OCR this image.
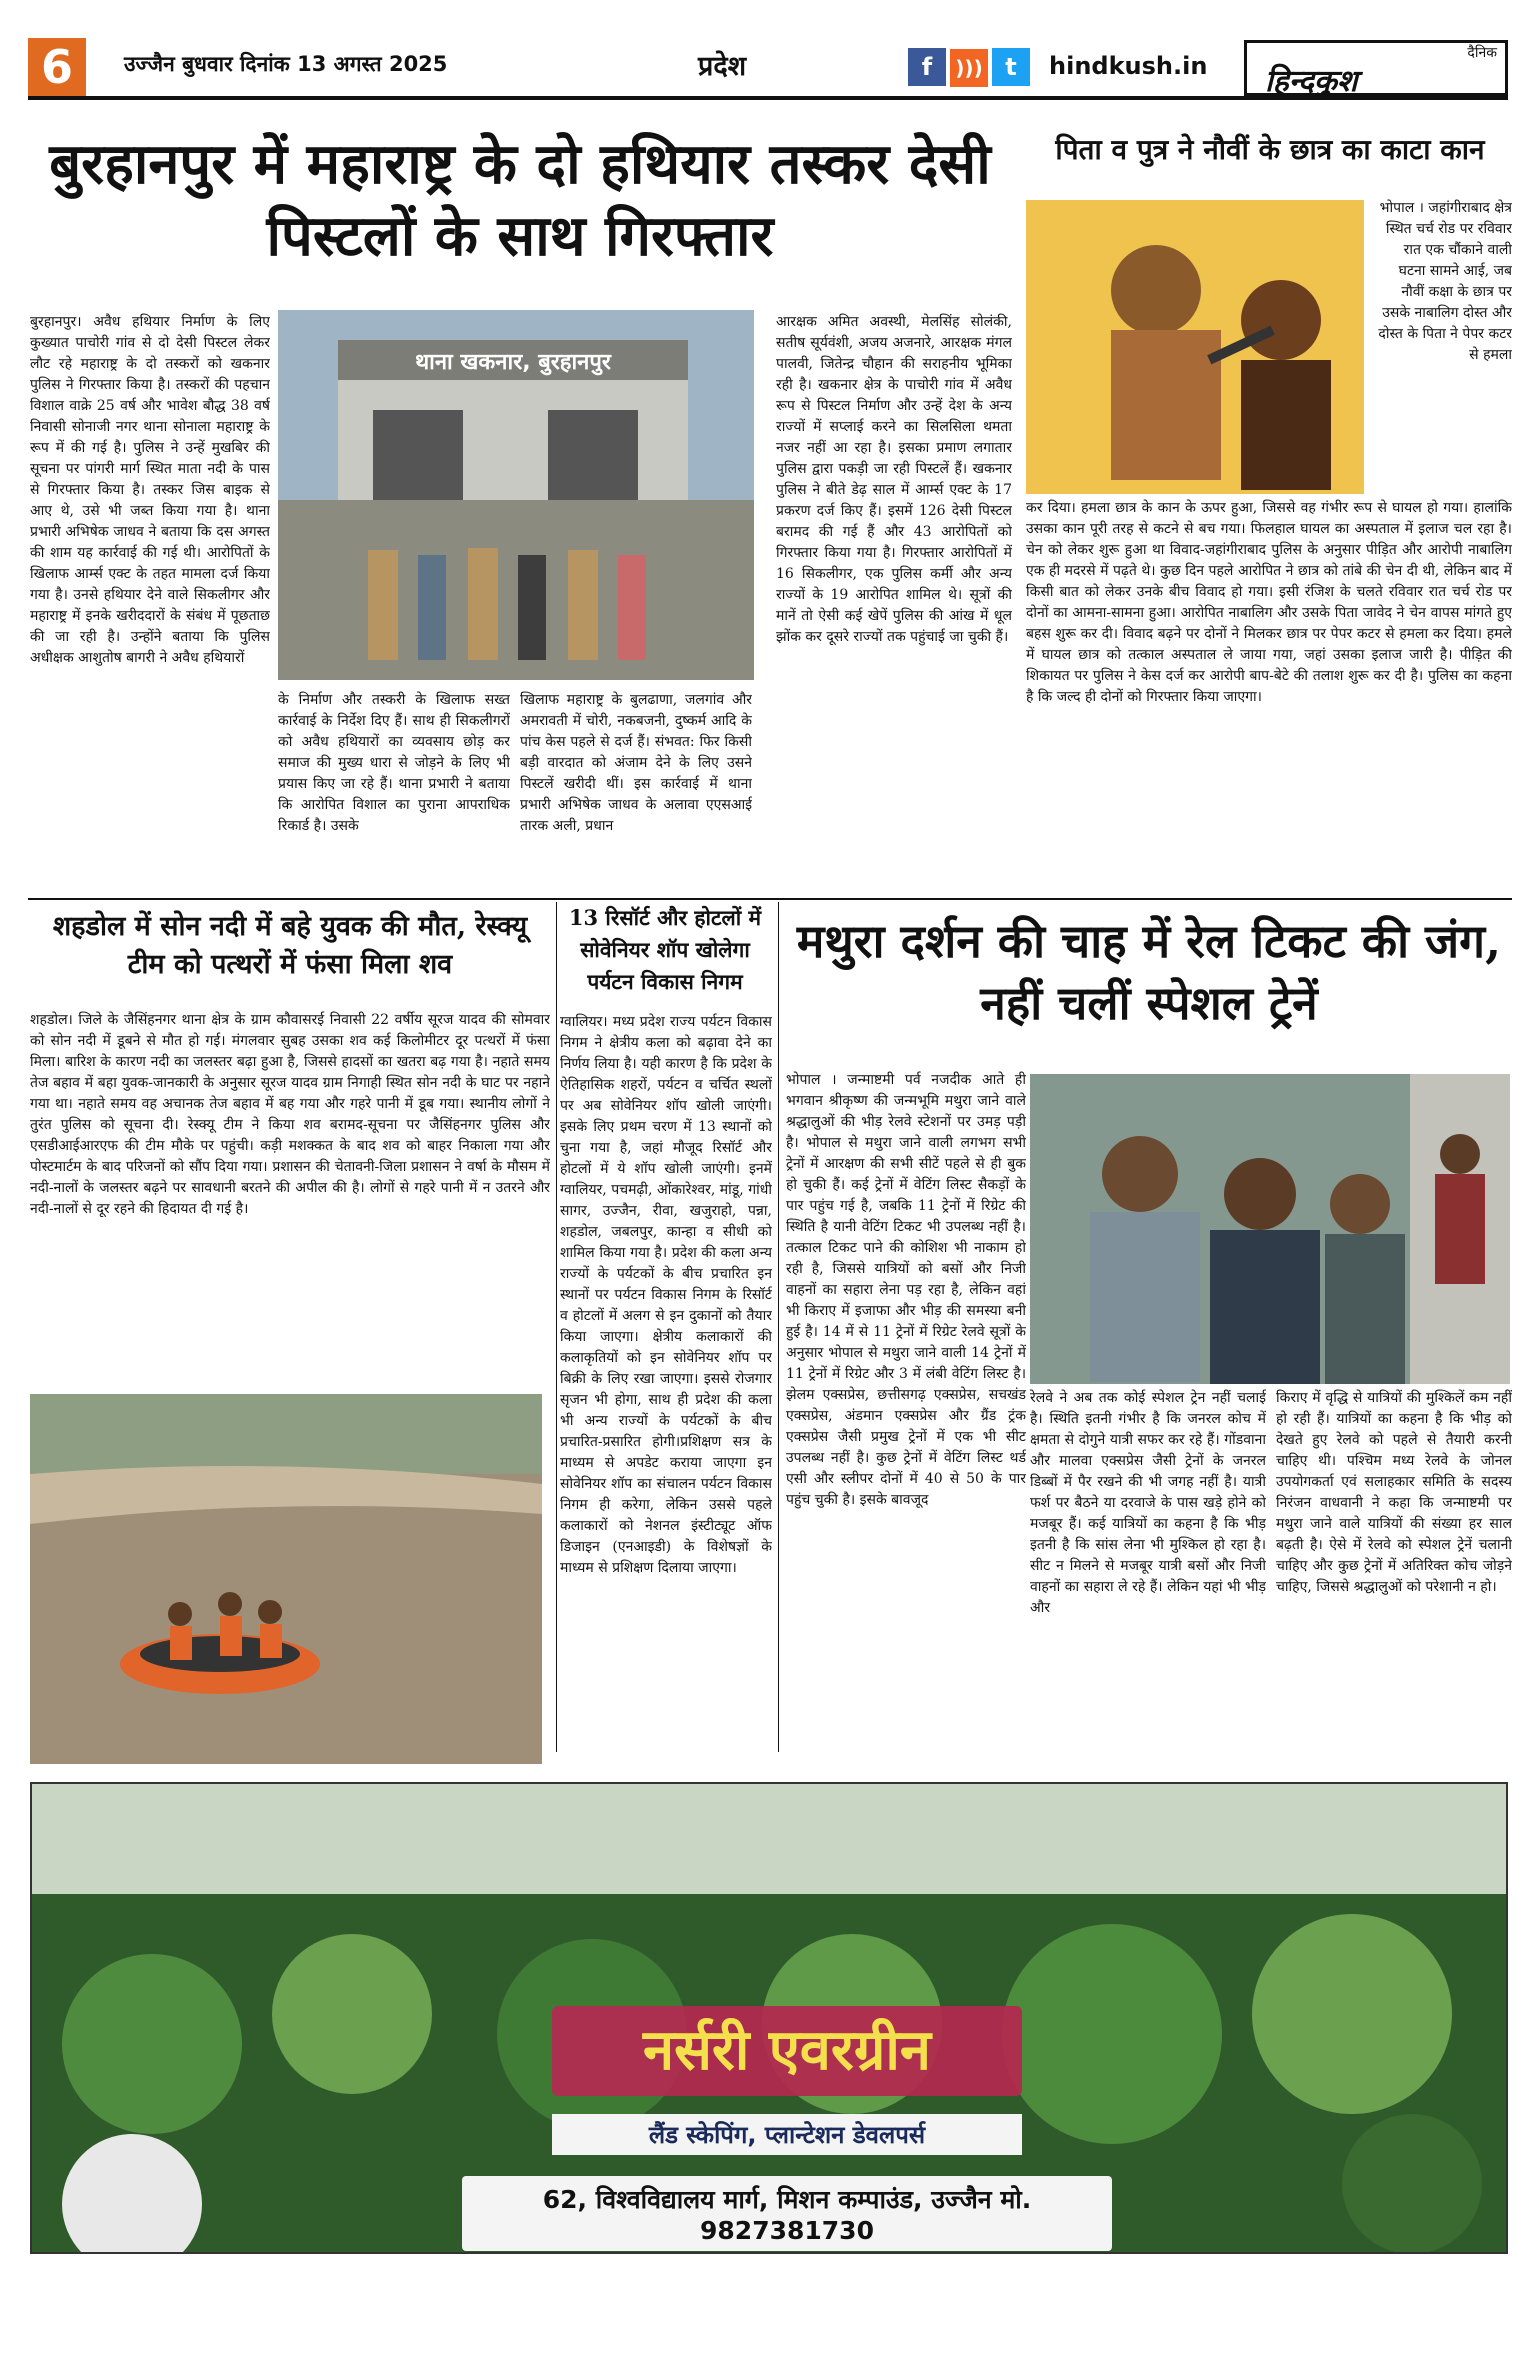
6	उज्जैन बुधवार दिनांक 13 अगस्त 2025	प्रदेश	f ))) t	hindkush.in	दैनिक
हिन्दकुश
बुरहानपुर में महाराष्ट्र के दो हथियार तस्कर देसी पिस्टलों के साथ गिरफ्तार

बुरहानपुर। अवैध हथियार निर्माण के लिए कुख्यात पाचोरी गांव से दो देसी पिस्टल लेकर लौट रहे महाराष्ट्र के दो तस्करों को खकनार पुलिस ने गिरफ्तार किया है। तस्करों की पहचान विशाल वाक्रे 25 वर्ष और भावेश बौद्ध 38 वर्ष निवासी सोनाजी नगर थाना सोनाला महाराष्ट्र के रूप में की गई है। पुलिस ने उन्हें मुखबिर की सूचना पर पांगरी मार्ग स्थित माता नदी के पास से गिरफ्तार किया है। तस्कर जिस बाइक से आए थे, उसे भी जब्त किया गया है। थाना प्रभारी अभिषेक जाधव ने बताया कि दस अगस्त की शाम यह कार्रवाई की गई थी। आरोपितों के खिलाफ आर्म्स एक्ट के तहत मामला दर्ज किया गया है। उनसे हथियार देने वाले सिकलीगर और महाराष्ट्र में इनके खरीददारों के संबंध में पूछताछ की जा रही है। उन्होंने बताया कि पुलिस अधीक्षक आशुतोष बागरी ने अवैध हथियारों

थाना खकनार, बुरहानपुर

के निर्माण और तस्करी के खिलाफ सख्त कार्रवाई के निर्देश दिए हैं। साथ ही सिकलीगरों को अवैध हथियारों का व्यवसाय छोड़ कर समाज की मुख्य धारा से जोड़ने के लिए भी प्रयास किए जा रहे हैं। थाना प्रभारी ने बताया कि आरोपित विशाल का पुराना आपराधिक रिकार्ड है। उसके

खिलाफ महाराष्ट्र के बुलढाणा, जलगांव और अमरावती में चोरी, नकबजनी, दुष्कर्म आदि के पांच केस पहले से दर्ज हैं। संभवत: फिर किसी बड़ी वारदात को अंजाम देने के लिए उसने पिस्टलें खरीदी थीं। इस कार्रवाई में थाना प्रभारी अभिषेक जाधव के अलावा एएसआई तारक अली, प्रधान

आरक्षक अमित अवस्थी, मेलसिंह सोलंकी, सतीष सूर्यवंशी, अजय अजनारे, आरक्षक मंगल पालवी, जितेन्द्र चौहान की सराहनीय भूमिका रही है। खकनार क्षेत्र के पाचोरी गांव में अवैध रूप से पिस्टल निर्माण और उन्हें देश के अन्य राज्यों में सप्लाई करने का सिलसिला थमता नजर नहीं आ रहा है। इसका प्रमाण लगातार पुलिस द्वारा पकड़ी जा रही पिस्टलें हैं। खकनार पुलिस ने बीते डेढ़ साल में आर्म्स एक्ट के 17 प्रकरण दर्ज किए हैं। इसमें 126 देसी पिस्टल बरामद की गई हैं और 43 आरोपितों को गिरफ्तार किया गया है। गिरफ्तार आरोपितों में 16 सिकलीगर, एक पुलिस कर्मी और अन्य राज्यों के 19 आरोपित शामिल थे। सूत्रों की मानें तो ऐसी कई खेपें पुलिस की आंख में धूल झोंक कर दूसरे राज्यों तक पहुंचाई जा चुकी हैं।

पिता व पुत्र ने नौवीं के छात्र का काटा कान

भोपाल । जहांगीराबाद क्षेत्र स्थित चर्च रोड पर रविवार रात एक चौंकाने वाली घटना सामने आई, जब नौवीं कक्षा के छात्र पर उसके नाबालिग दोस्त और दोस्त के पिता ने पेपर कटर से हमला

कर दिया। हमला छात्र के कान के ऊपर हुआ, जिससे वह गंभीर रूप से घायल हो गया। हालांकि उसका कान पूरी तरह से कटने से बच गया। फिलहाल घायल का अस्पताल में इलाज चल रहा है। चेन को लेकर शुरू हुआ था विवाद-जहांगीराबाद पुलिस के अनुसार पीड़ित और आरोपी नाबालिग एक ही मदरसे में पढ़ते थे। कुछ दिन पहले आरोपित ने छात्र को तांबे की चेन दी थी, लेकिन बाद में किसी बात को लेकर उनके बीच विवाद हो गया। इसी रंजिश के चलते रविवार रात चर्च रोड पर दोनों का आमना-सामना हुआ। आरोपित नाबालिग और उसके पिता जावेद ने चेन वापस मांगते हुए बहस शुरू कर दी। विवाद बढ़ने पर दोनों ने मिलकर छात्र पर पेपर कटर से हमला कर दिया। हमले में घायल छात्र को तत्काल अस्पताल ले जाया गया, जहां उसका इलाज जारी है। पीड़ित की शिकायत पर पुलिस ने केस दर्ज कर आरोपी बाप-बेटे की तलाश शुरू कर दी है। पुलिस का कहना है कि जल्द ही दोनों को गिरफ्तार किया जाएगा।

शहडोल में सोन नदी में बहे युवक की मौत, रेस्क्यू टीम को पत्थरों में फंसा मिला शव

शहडोल। जिले के जैसिंहनगर थाना क्षेत्र के ग्राम कौवासरई निवासी 22 वर्षीय सूरज यादव की सोमवार को सोन नदी में डूबने से मौत हो गई। मंगलवार सुबह उसका शव कई किलोमीटर दूर पत्थरों में फंसा मिला। बारिश के कारण नदी का जलस्तर बढ़ा हुआ है, जिससे हादसों का खतरा बढ़ गया है। नहाते समय तेज बहाव में बहा युवक-जानकारी के अनुसार सूरज यादव ग्राम निगाही स्थित सोन नदी के घाट पर नहाने गया था। नहाते समय वह अचानक तेज बहाव में बह गया और गहरे पानी में डूब गया। स्थानीय लोगों ने तुरंत पुलिस को सूचना दी। रेस्क्यू टीम ने किया शव बरामद-सूचना पर जैसिंहनगर पुलिस और एसडीआईआरएफ की टीम मौके पर पहुंची। कड़ी मशक्कत के बाद शव को बाहर निकाला गया और पोस्टमार्टम के बाद परिजनों को सौंप दिया गया। प्रशासन की चेतावनी-जिला प्रशासन ने वर्षा के मौसम में नदी-नालों के जलस्तर बढ़ने पर सावधानी बरतने की अपील की है। लोगों से गहरे पानी में न उतरने और नदी-नालों से दूर रहने की हिदायत दी गई है।

13 रिसॉर्ट और होटलों में सोवेनियर शॉप खोलेगा पर्यटन विकास निगम

ग्वालियर। मध्य प्रदेश राज्य पर्यटन विकास निगम ने क्षेत्रीय कला को बढ़ावा देने का निर्णय लिया है। यही कारण है कि प्रदेश के ऐतिहासिक शहरों, पर्यटन व चर्चित स्थलों पर अब सोवेनियर शॉप खोली जाएंगी। इसके लिए प्रथम चरण में 13 स्थानों को चुना गया है, जहां मौजूद रिसॉर्ट और होटलों में ये शॉप खोली जाएंगी। इनमें ग्वालियर, पचमढ़ी, ओंकारेश्वर, मांडू, गांधी सागर, उज्जैन, रीवा, खजुराहो, पन्ना, शहडोल, जबलपुर, कान्हा व सीधी को शामिल किया गया है। प्रदेश की कला अन्य राज्यों के पर्यटकों के बीच प्रचारित इन स्थानों पर पर्यटन विकास निगम के रिसॉर्ट व होटलों में अलग से इन दुकानों को तैयार किया जाएगा। क्षेत्रीय कलाकारों की कलाकृतियों को इन सोवेनियर शॉप पर बिक्री के लिए रखा जाएगा। इससे रोजगार सृजन भी होगा, साथ ही प्रदेश की कला भी अन्य राज्यों के पर्यटकों के बीच प्रचारित-प्रसारित होगी।प्रशिक्षण सत्र के माध्यम से अपडेट कराया जाएगा इन सोवेनियर शॉप का संचालन पर्यटन विकास निगम ही करेगा, लेकिन उससे पहले कलाकारों को नेशनल इंस्टीट्यूट ऑफ डिजाइन (एनआइडी) के विशेषज्ञों के माध्यम से प्रशिक्षण दिलाया जाएगा।

मथुरा दर्शन की चाह में रेल टिकट की जंग, नहीं चलीं स्पेशल ट्रेनें

भोपाल । जन्माष्टमी पर्व नजदीक आते ही भगवान श्रीकृष्ण की जन्मभूमि मथुरा जाने वाले श्रद्धालुओं की भीड़ रेलवे स्टेशनों पर उमड़ पड़ी है। भोपाल से मथुरा जाने वाली लगभग सभी ट्रेनों में आरक्षण की सभी सीटें पहले से ही बुक हो चुकी हैं। कई ट्रेनों में वेटिंग लिस्ट सैकड़ों के पार पहुंच गई है, जबकि 11 ट्रेनों में रिग्रेट की स्थिति है यानी वेटिंग टिकट भी उपलब्ध नहीं है। तत्काल टिकट पाने की कोशिश भी नाकाम हो रही है, जिससे यात्रियों को बसों और निजी वाहनों का सहारा लेना पड़ रहा है, लेकिन वहां भी किराए में इजाफा और भीड़ की समस्या बनी हुई है। 14 में से 11 ट्रेनों में रिग्रेट रेलवे सूत्रों के अनुसार भोपाल से मथुरा जाने वाली 14 ट्रेनों में 11 ट्रेनों में रिग्रेट और 3 में लंबी वेटिंग लिस्ट है। झेलम एक्सप्रेस, छत्तीसगढ़ एक्सप्रेस, सचखंड एक्सप्रेस, अंडमान एक्सप्रेस और ग्रैंड ट्रंक एक्सप्रेस जैसी प्रमुख ट्रेनों में एक भी सीट उपलब्ध नहीं है। कुछ ट्रेनों में वेटिंग लिस्ट थर्ड एसी और स्लीपर दोनों में 40 से 50 के पार पहुंच चुकी है। इसके बावजूद

रेलवे ने अब तक कोई स्पेशल ट्रेन नहीं चलाई है। स्थिति इतनी गंभीर है कि जनरल कोच में क्षमता से दोगुने यात्री सफर कर रहे हैं। गोंडवाना और मालवा एक्सप्रेस जैसी ट्रेनों के जनरल डिब्बों में पैर रखने की भी जगह नहीं है। यात्री फर्श पर बैठने या दरवाजे के पास खड़े होने को मजबूर हैं। कई यात्रियों का कहना है कि भीड़ इतनी है कि सांस लेना भी मुश्किल हो रहा है। सीट न मिलने से मजबूर यात्री बसों और निजी वाहनों का सहारा ले रहे हैं। लेकिन यहां भी भीड़ और

किराए में वृद्धि से यात्रियों की मुश्किलें कम नहीं हो रही हैं। यात्रियों का कहना है कि भीड़ को देखते हुए रेलवे को पहले से तैयारी करनी चाहिए थी। पश्चिम मध्य रेलवे के जोनल उपयोगकर्ता एवं सलाहकार समिति के सदस्य निरंजन वाधवानी ने कहा कि जन्माष्टमी पर मथुरा जाने वाले यात्रियों की संख्या हर साल बढ़ती है। ऐसे में रेलवे को स्पेशल ट्रेनें चलानी चाहिए और कुछ ट्रेनों में अतिरिक्त कोच जोड़ने चाहिए, जिससे श्रद्धालुओं को परेशानी न हो।

नर्सरी एवरग्रीन
लैंड स्केपिंग, प्लान्टेशन डेवलपर्स
62, विश्वविद्यालय मार्ग, मिशन कम्पाउंड, उज्जैन मो. 9827381730
